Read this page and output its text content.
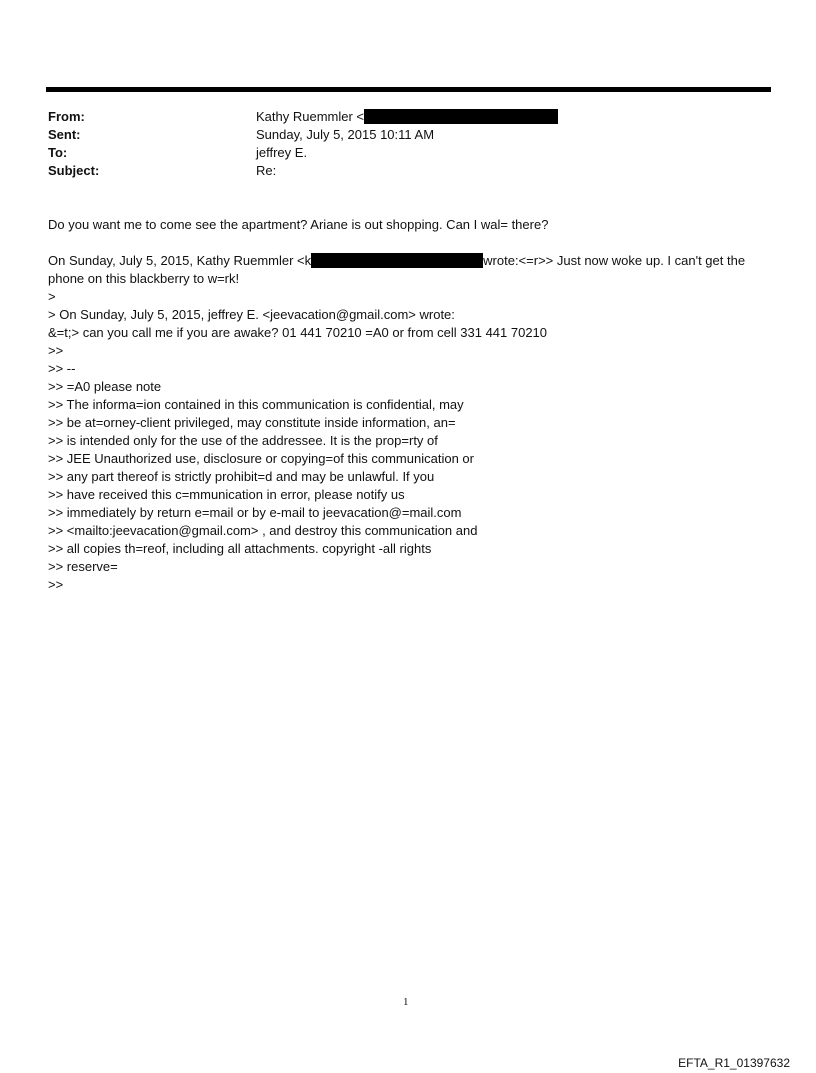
From:	Kathy Ruemmler <
Sent:	Sunday, July 5, 2015 10:11 AM
To:	jeffrey E.
Subject:	Re:
Do you want me to come see the apartment? Ariane is out shopping. Can I wal= there?
On Sunday, July 5, 2015, Kathy Ruemmler <k	wrote:<=r>> Just now woke up. I can't get the
phone on this blackberry to w=rk!
>
> On Sunday, July 5, 2015, jeffrey E. <jeevacation@gmail.com> wrote:
&=t;> can you call me if you are awake? 01 441 70210 =A0 or from cell 331 441 70210
>>
>> --
>> =A0 please note
>> The informa=ion contained in this communication is confidential, may
>> be at=orney-client privileged, may constitute inside information, an=
>> is intended only for the use of the addressee. It is the prop=rty of
>> JEE Unauthorized use, disclosure or copying=of this communication or
>> any part thereof is strictly prohibit=d and may be unlawful. If you
>> have received this c=mmunication in error, please notify us
>> immediately by return e=mail or by e-mail to jeevacation@=mail.com
>> <mailto:jeevacation@gmail.com> , and destroy this communication and
>> all copies th=reof, including all attachments. copyright -all rights
>> reserve=
>>
1
EFTA_R1_01397632
